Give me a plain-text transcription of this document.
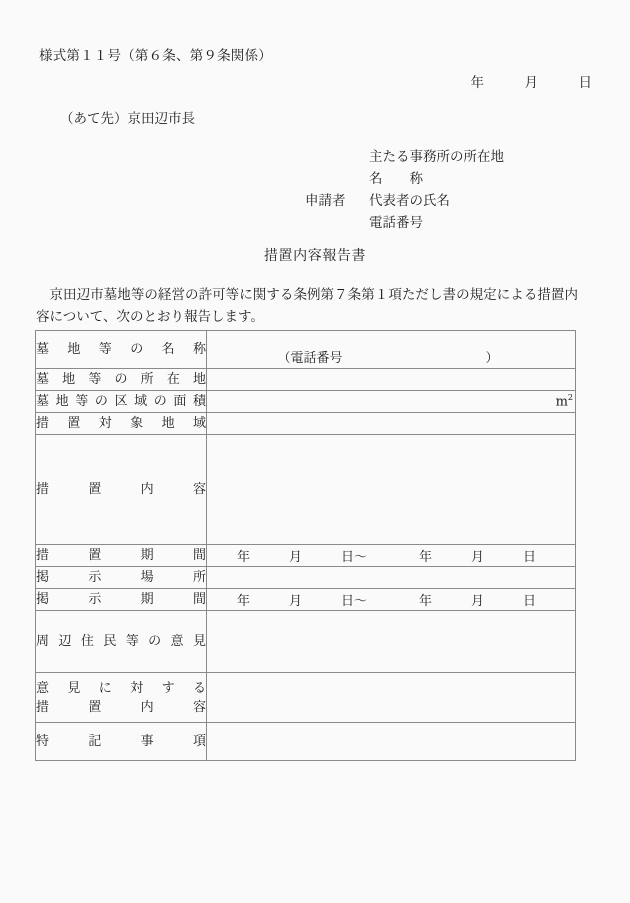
様式第１１号（第６条、第９条関係）
年　　　月　　　日
（あて先）京田辺市長
主たる事務所の所在地
名　　称
申請者	代表者の氏名
電話番号
措置内容報告書
京田辺市墓地等の経営の許可等に関する条例第７条第１項ただし書の規定による措置内容について、次のとおり報告します。
墓地等の名称	（電話番号　　　　　　　　　　　）

墓地等の所在地	

墓地等の区域の面積	$m^2$

措置対象地域	

措置内容	

措置期間	年　　　月　　　日〜　　　　年　　　月　　　日

掲示場所	

掲示期間	年　　　月　　　日〜　　　　年　　　月　　　日

周辺住民等の意見	

意見に対する
措置内容	

特記事項	
